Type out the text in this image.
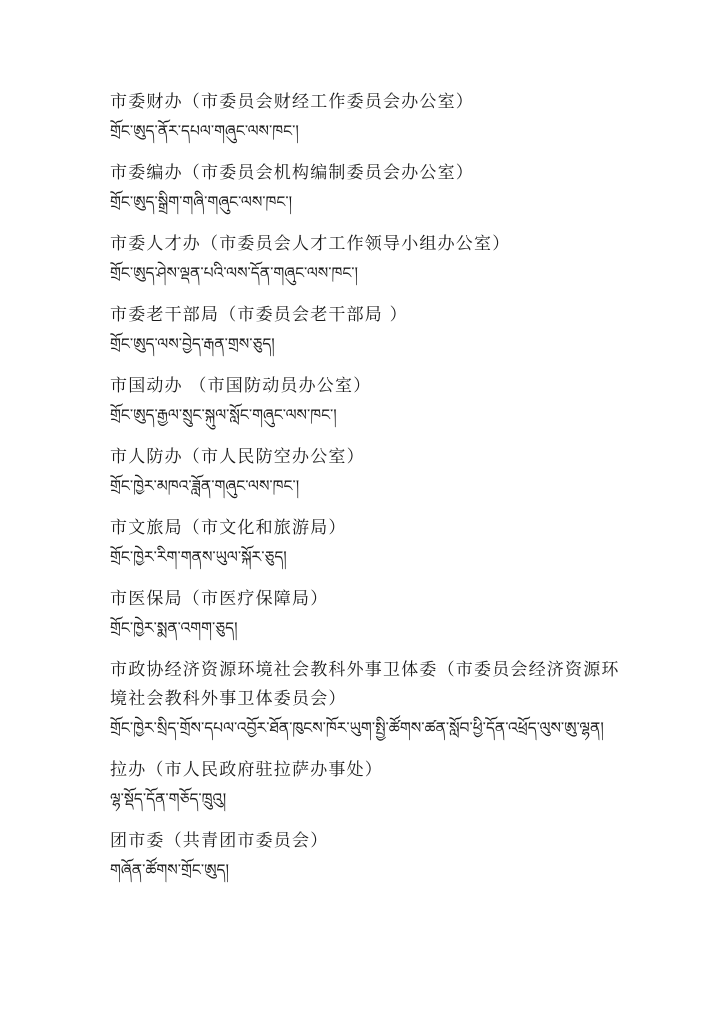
市委财办（市委员会财经工作委员会办公室）
གྲོང་ཨུད་ནོར་དཔལ་གཞུང་ལས་ཁང་།
市委编办（市委员会机构编制委员会办公室）
གྲོང་ཨུད་སྒྲིག་གཞི་གཞུང་ལས་ཁང་།
市委人才办（市委员会人才工作领导小组办公室）
གྲོང་ཨུད་ཤེས་ལྡན་པའི་ལས་དོན་གཞུང་ལས་ཁང་།
市委老干部局（市委员会老干部局 ）
གྲོང་ཨུད་ལས་བྱེད་རྒན་གྲས་ཅུད།
市国动办 （市国防动员办公室）
གྲོང་ཨུད་རྒྱལ་སྲུང་སྐུལ་སློང་གཞུང་ལས་ཁང་།
市人防办（市人民防空办公室）
གྲོང་ཁྱེར་མཁའ་ཟློན་གཞུང་ལས་ཁང་།
市文旅局（市文化和旅游局）
གྲོང་ཁྱེར་རིག་གནས་ཡུལ་སྐོར་ཅུད།
市医保局（市医疗保障局）
གྲོང་ཁྱེར་སྨན་འགག་ཅུད།
市政协经济资源环境社会教科外事卫体委（市委员会经济资源环境社会教科外事卫体委员会）
གྲོང་ཁྱེར་སྲིད་གྲོས་དཔལ་འབྱོར་ཐོན་ཁུངས་ཁོར་ཡུག་སྤྱི་ཚོགས་ཚན་སློབ་ཕྱི་དོན་འཕྲོད་ལུས་ཨུ་ལྷན།
拉办（市人民政府驻拉萨办事处）
ལྷ་སྡོད་དོན་གཅོད་ཁྲུའུ།
团市委（共青团市委员会）
གཞོན་ཚོགས་གྲོང་ཨུད།
